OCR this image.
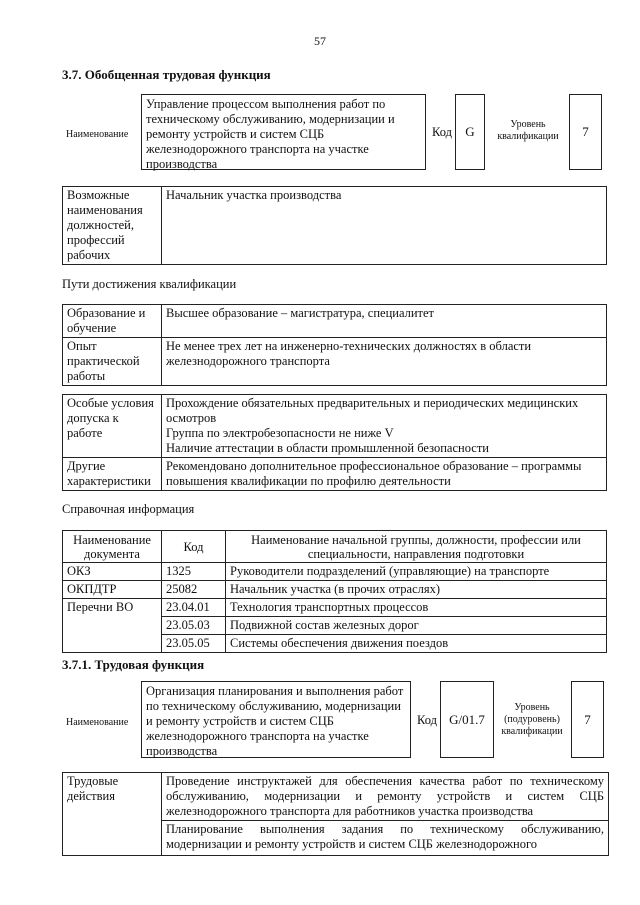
57
3.7. Обобщенная трудовая функция
Наименование
Управление процессом выполнения работ по техническому обслуживанию, модернизации и ремонту устройств и систем СЦБ железнодорожного транспорта на участке производства
Код	G	Уровень квалификации	7
Возможные наименования должностей, профессий рабочих	Начальник участка производства
Пути достижения квалификации
Образование и обучение	Высшее образование – магистратура, специалитет
Опыт практической работы	Не менее трех лет на инженерно-технических должностях в области железнодорожного транспорта
Особые условия допуска к работе	Прохождение обязательных предварительных и периодических медицинских осмотров
Группа по электробезопасности не ниже V
Наличие аттестации в области промышленной безопасности
Другие характеристики	Рекомендовано дополнительное профессиональное образование – программы повышения квалификации по профилю деятельности
Справочная информация
Наименование документа	Код	Наименование начальной группы, должности, профессии или специальности, направления подготовки
ОКЗ	1325	Руководители подразделений (управляющие) на транспорте
ОКПДТР	25082	Начальник участка (в прочих отраслях)
Перечни ВО	23.04.01	Технология транспортных процессов
	23.05.03	Подвижной состав железных дорог
	23.05.05	Системы обеспечения движения поездов
3.7.1. Трудовая функция
Наименование
Организация планирования и выполнения работ по техническому обслуживанию, модернизации и ремонту устройств и систем СЦБ железнодорожного транспорта на участке производства
Код G/01.7
Уровень (подуровень) квалификации
7
Трудовые действия	Проведение инструктажей для обеспечения качества работ по техническому обслуживанию, модернизации и ремонту устройств и систем СЦБ железнодорожного транспорта для работников участка производства
Планирование выполнения задания по техническому обслуживанию, модернизации и ремонту устройств и систем СЦБ железнодорожного
